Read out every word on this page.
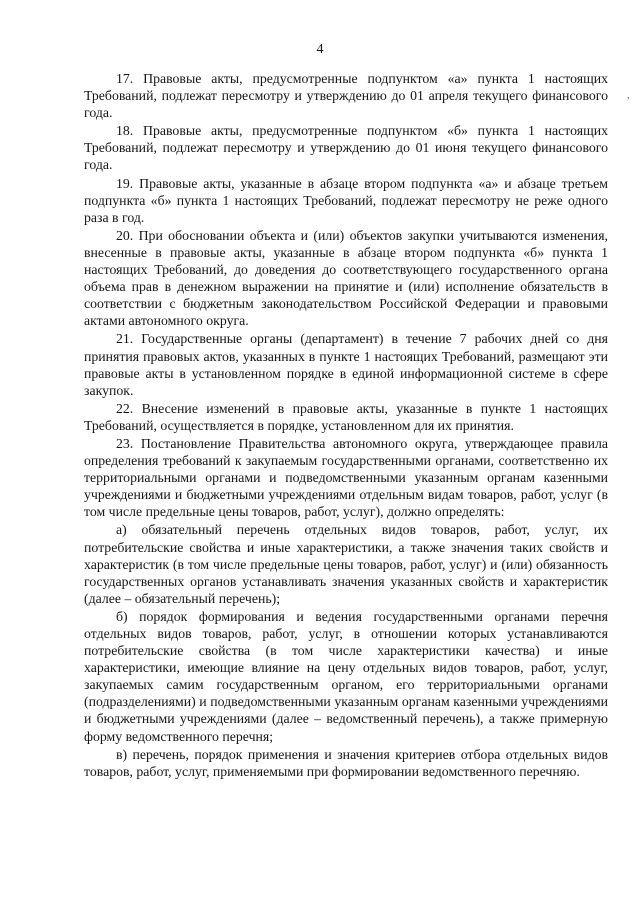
4
,

17. Правовые акты, предусмотренные подпунктом «а» пункта 1 настоящих Требований, подлежат пересмотру и утверждению до 01 апреля текущего финансового года.

18. Правовые акты, предусмотренные подпунктом «б» пункта 1 настоящих Требований, подлежат пересмотру и утверждению до 01 июня текущего финансового года.

19. Правовые акты, указанные в абзаце втором подпункта «а» и абзаце третьем подпункта «б» пункта 1 настоящих Требований, подлежат пересмотру не реже одного раза в год.

20. При обосновании объекта и (или) объектов закупки учитываются изменения, внесенные в правовые акты, указанные в абзаце втором подпункта «б» пункта 1 настоящих Требований, до доведения до соответствующего государственного органа объема прав в денежном выражении на принятие и (или) исполнение обязательств в соответствии с бюджетным законодательством Российской Федерации и правовыми актами автономного округа.

21. Государственные органы (департамент) в течение 7 рабочих дней со дня принятия правовых актов, указанных в пункте 1 настоящих Требований, размещают эти правовые акты в установленном порядке в единой информационной системе в сфере закупок.

22. Внесение изменений в правовые акты, указанные в пункте 1 настоящих Требований, осуществляется в порядке, установленном для их принятия.

23. Постановление Правительства автономного округа, утверждающее правила определения требований к закупаемым государственными органами, соответственно их территориальными органами и подведомственными указанным органам казенными учреждениями и бюджетными учреждениями отдельным видам товаров, работ, услуг (в том числе предельные цены товаров, работ, услуг), должно определять:

а) обязательный перечень отдельных видов товаров, работ, услуг, их потребительские свойства и иные характеристики, а также значения таких свойств и характеристик (в том числе предельные цены товаров, работ, услуг) и (или) обязанность государственных органов устанавливать значения указанных свойств и характеристик (далее – обязательный перечень);

б) порядок формирования и ведения государственными органами перечня отдельных видов товаров, работ, услуг, в отношении которых устанавливаются потребительские свойства (в том числе характеристики качества) и иные характеристики, имеющие влияние на цену отдельных видов товаров, работ, услуг, закупаемых самим государственным органом, его территориальными органами (подразделениями) и подведомственными указанным органам казенными учреждениями и бюджетными учреждениями (далее – ведомственный перечень), а также примерную форму ведомственного перечня;

в) перечень, порядок применения и значения критериев отбора отдельных видов товаров, работ, услуг, применяемыми при формировании ведомственного перечняю.
